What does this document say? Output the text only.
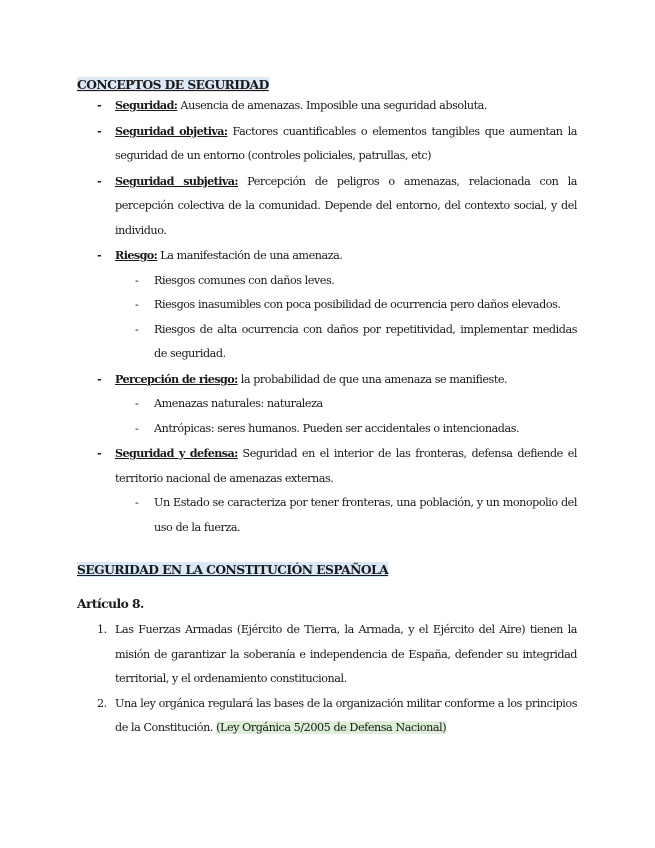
CONCEPTOS DE SEGURIDAD
- Seguridad: Ausencia de amenazas. Imposible una seguridad absoluta.
- Seguridad objetiva: Factores cuantificables o elementos tangibles que aumentan la seguridad de un entorno (controles policiales, patrullas, etc)
- Seguridad subjetiva: Percepción de peligros o amenazas, relacionada con la percepción colectiva de la comunidad. Depende del entorno, del contexto social, y del individuo.
- Riesgo: La manifestación de una amenaza.
- Riesgos comunes con daños leves.
- Riesgos inasumibles con poca posibilidad de ocurrencia pero daños elevados.
- Riesgos de alta ocurrencia con daños por repetitividad, implementar medidas de seguridad.
- Percepción de riesgo: la probabilidad de que una amenaza se manifieste.
- Amenazas naturales: naturaleza
- Antrópicas: seres humanos. Pueden ser accidentales o intencionadas.
- Seguridad y defensa: Seguridad en el interior de las fronteras, defensa defiende el territorio nacional de amenazas externas.
- Un Estado se caracteriza por tener fronteras, una población, y un monopolio del uso de la fuerza.
SEGURIDAD EN LA CONSTITUCIÓN ESPAÑOLA
Artículo 8.
1. Las Fuerzas Armadas (Ejército de Tierra, la Armada, y el Ejército del Aire) tienen la misión de garantizar la soberanía e independencia de España, defender su integridad territorial, y el ordenamiento constitucional.
2. Una ley orgánica regulará las bases de la organización militar conforme a los principios de la Constitución. (Ley Orgánica 5/2005 de Defensa Nacional)
